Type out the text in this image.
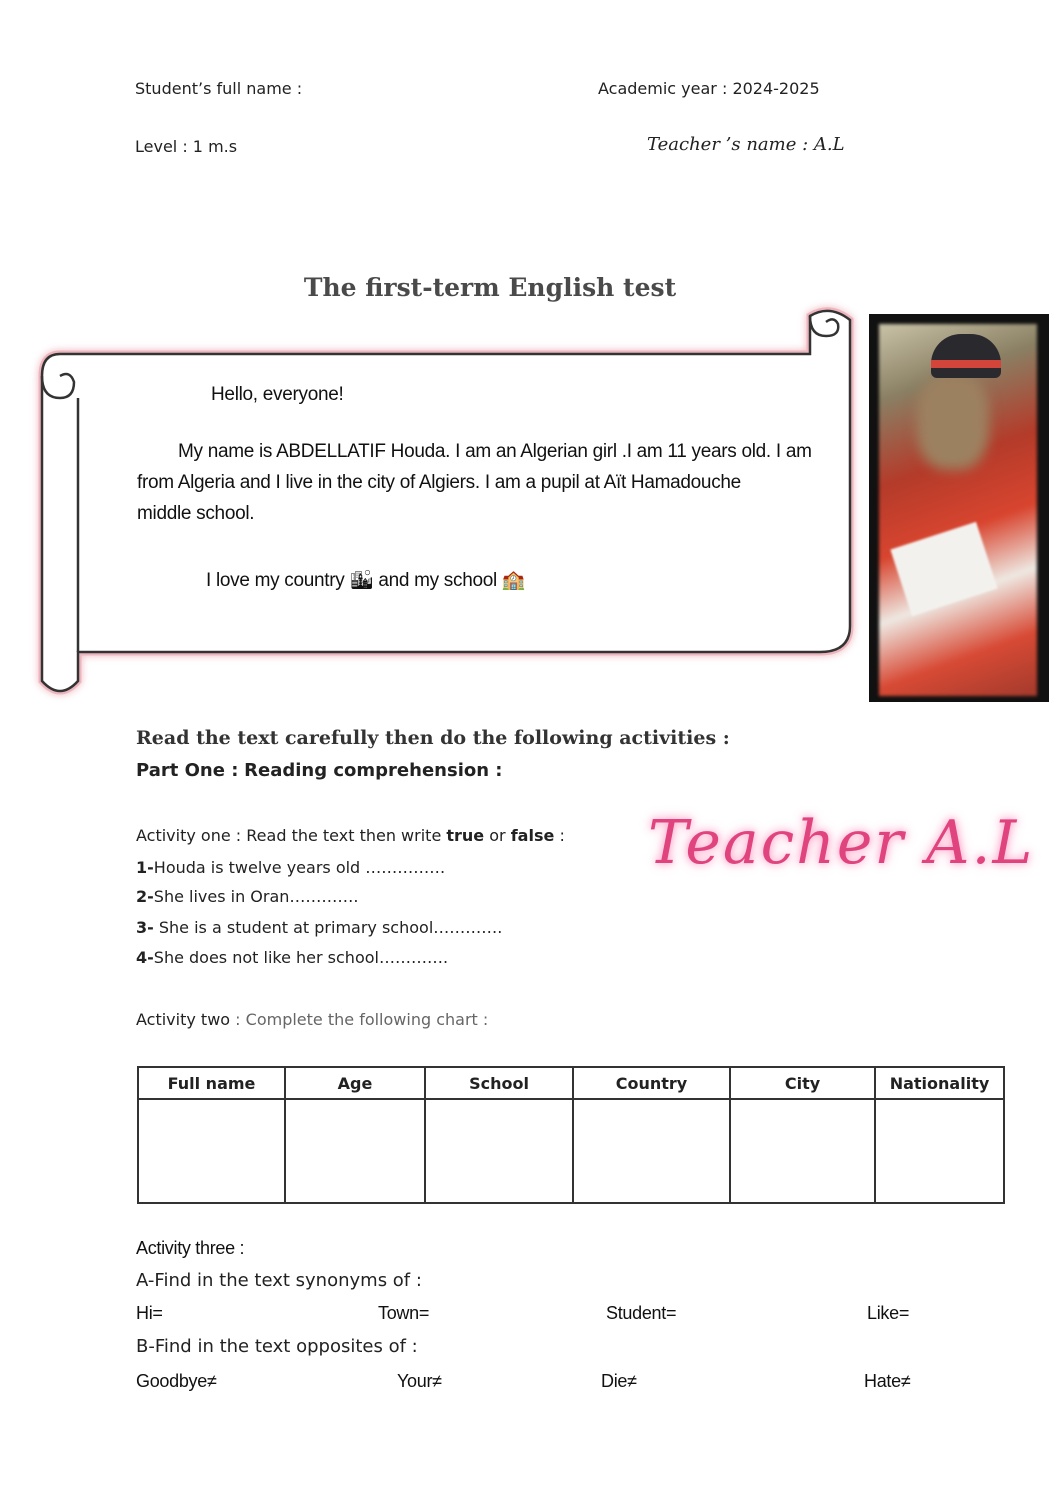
Student’s full name :	Academic year : 2024-2025
Level : 1 m.s	Teacher ’s name : A.L
The first-term English test
Hello, everyone!
My name is ABDELLATIF Houda. I am an Algerian girl .I am 11 years old. I am
from Algeria and I live in the city of Algiers. I am a pupil at Aït Hamadouche
middle school.
I love my country 🏙 and my school 🏫
Read the text carefully then do the following activities :
Part One : Reading comprehension :
Activity one : Read the text then write true or false :
1-Houda is twelve years old ……………
2-She lives in Oran………….
3- She is a student at primary school………….
4-She does not like her school………….
Teacher A.L
Activity two : Complete the following chart :
Full name	Age	School	Country	City	Nationality

Activity three :
A-Find in the text synonyms of :
Hi=	Town=	Student=	Like=
B-Find in the text opposites of :
Goodbye≠	Your≠	Die≠	Hate≠
